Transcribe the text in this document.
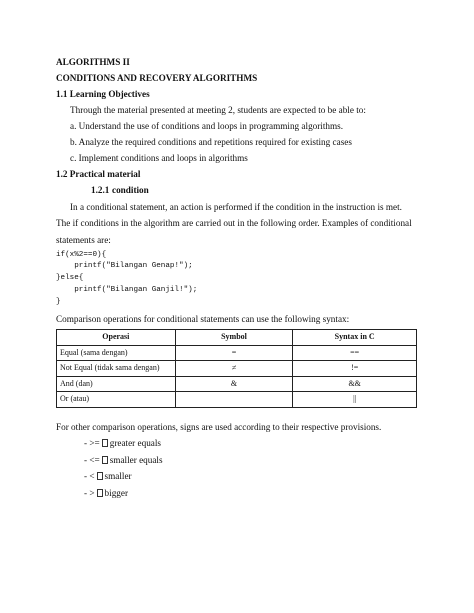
ALGORITHMS II
CONDITIONS AND RECOVERY ALGORITHMS
1.1 Learning Objectives
Through the material presented at meeting 2, students are expected to be able to:
a. Understand the use of conditions and loops in programming algorithms.
b. Analyze the required conditions and repetitions required for existing cases
c. Implement conditions and loops in algorithms
1.2 Practical material
1.2.1 condition
In a conditional statement, an action is performed if the condition in the instruction is met.
The if conditions in the algorithm are carried out in the following order. Examples of conditional
statements are:
if(x%2==0){
printf("Bilangan Genap!");
}else{
printf("Bilangan Ganjil!");
}
Comparison operations for conditional statements can use the following syntax:
Operasi	Symbol	Syntax in C
Equal (sama dengan)	=	==
Not Equal (tidak sama dengan)	≠	!=
And (dan)	&	&&
Or (atau)		||
For other comparison operations, signs are used according to their respective provisions.
- >= greater equals
- <= smaller equals
- < smaller
- > bigger
